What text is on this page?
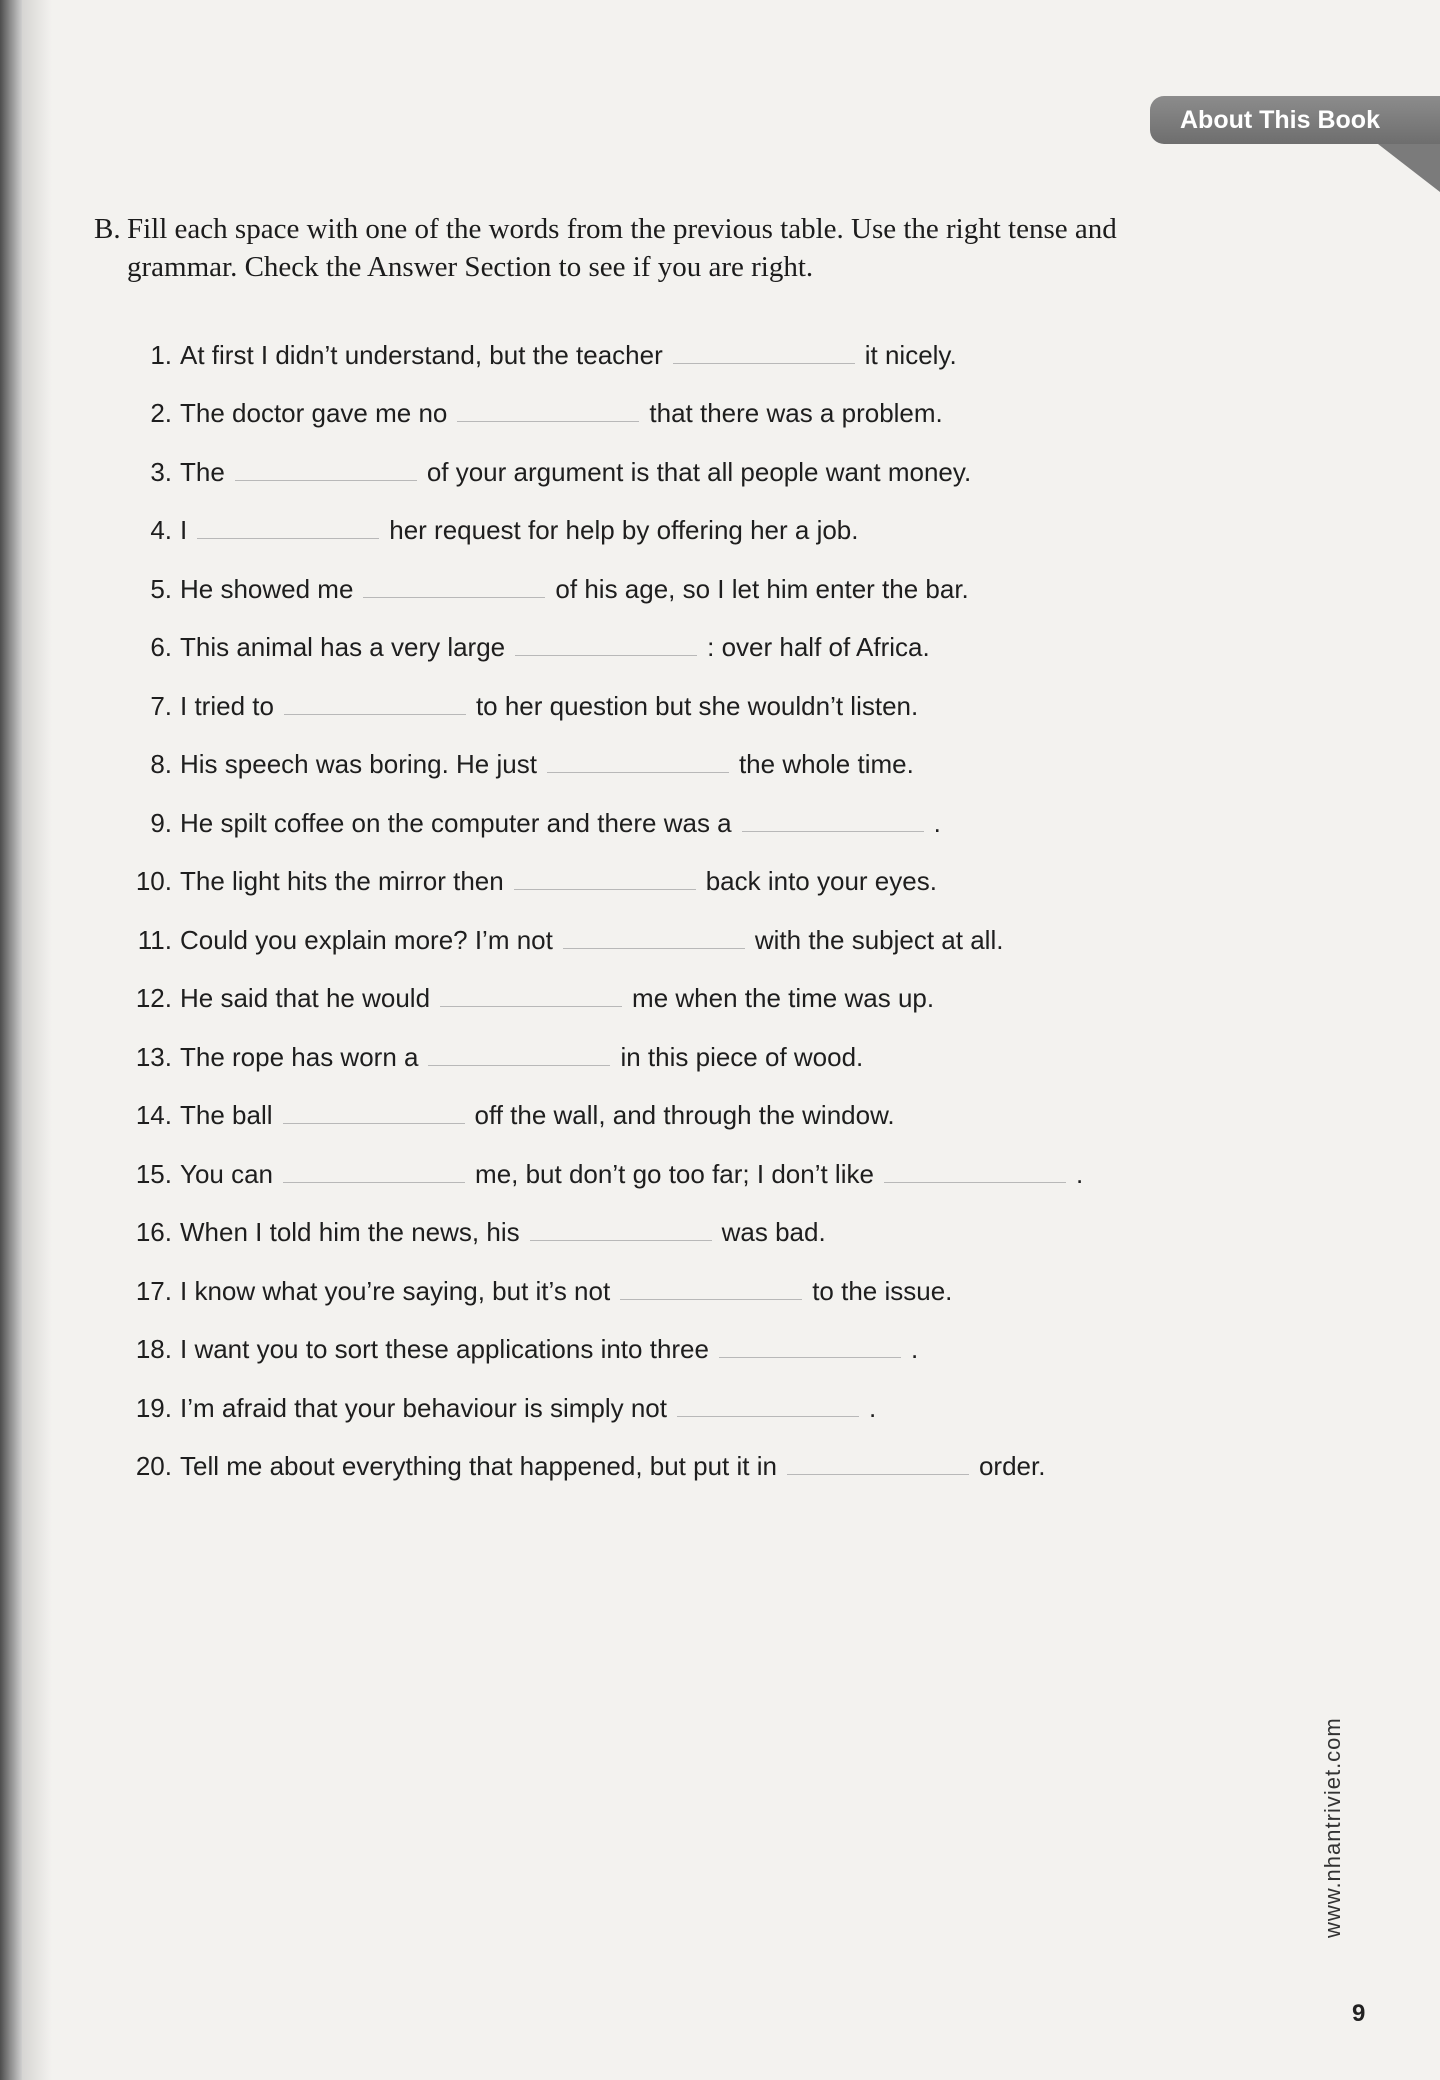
About This Book
B. Fill each space with one of the words from the previous table. Use the right tense and
grammar. Check the Answer Section to see if you are right.
1. At first I didn’t understand, but the teacher	it nicely.
2. The doctor gave me no	that there was a problem.
3. The	of your argument is that all people want money.
4. I	her request for help by offering her a job.
5. He showed me	of his age, so I let him enter the bar.
6. This animal has a very large	: over half of Africa.
7. I tried to	to her question but she wouldn’t listen.
8. His speech was boring. He just	the whole time.
9. He spilt coffee on the computer and there was a	.
10. The light hits the mirror then	back into your eyes.
11. Could you explain more? I’m not	with the subject at all.
12. He said that he would	me when the time was up.
13. The rope has worn a	in this piece of wood.
14. The ball	off the wall, and through the window.
15. You can	me, but don’t go too far; I don’t like	.
16. When I told him the news, his	was bad.
17. I know what you’re saying, but it’s not	to the issue.
18. I want you to sort these applications into three	.
19. I’m afraid that your behaviour is simply not	.
20. Tell me about everything that happened, but put it in	order.
www.nhantriviet.com
9
